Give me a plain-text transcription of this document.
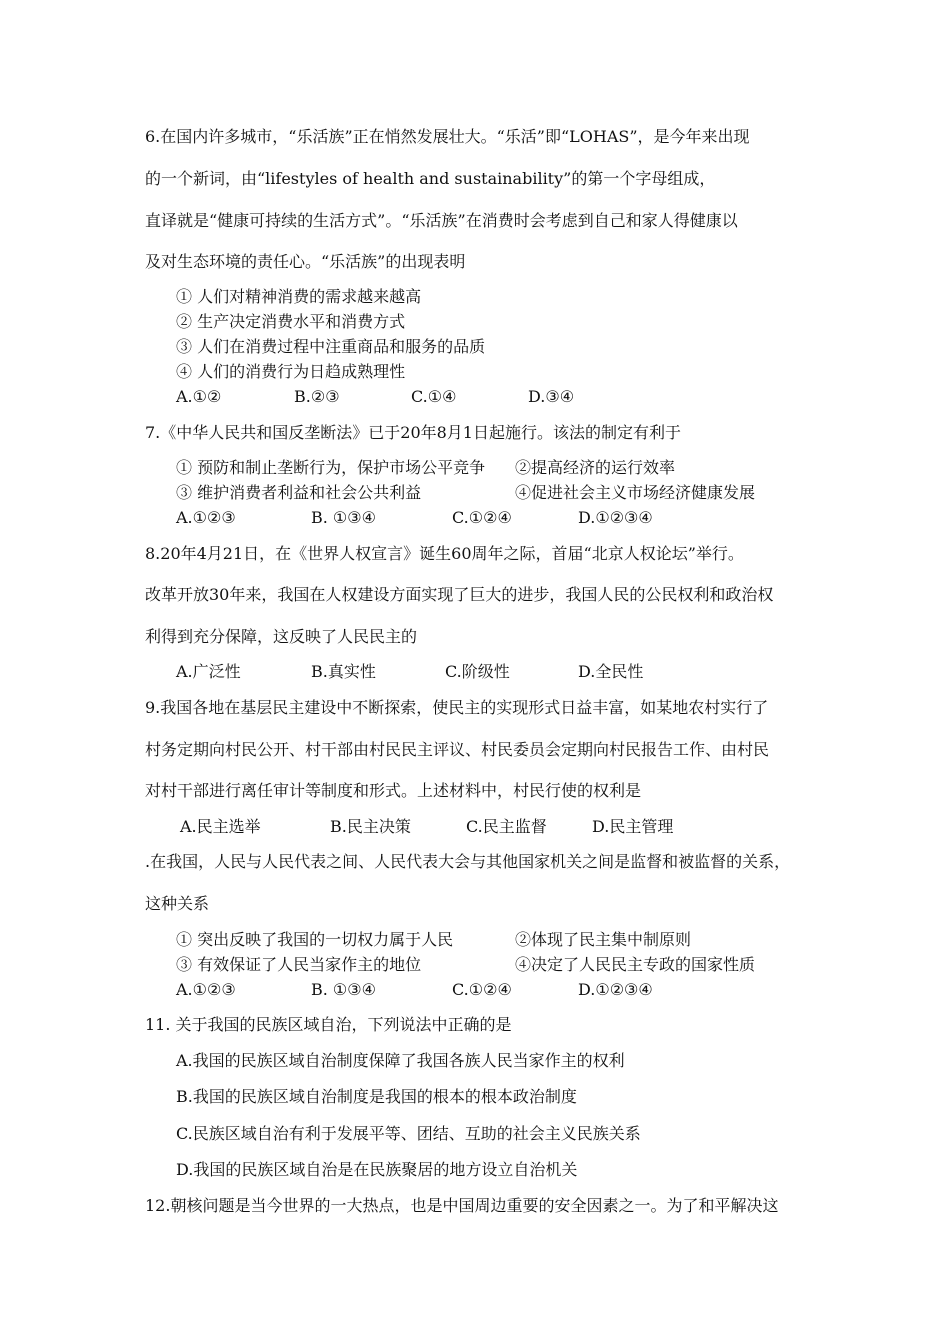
6.在国内许多城市，“乐活族”正在悄然发展壮大。“乐活”即“LOHAS”，是今年来出现
的一个新词，由“lifestyles of health and sustainability”的第一个字母组成，
直译就是“健康可持续的生活方式”。“乐活族”在消费时会考虑到自己和家人得健康以
及对生态环境的责任心。“乐活族”的出现表明
① 人们对精神消费的需求越来越高
② 生产决定消费水平和消费方式
③ 人们在消费过程中注重商品和服务的品质
④ 人们的消费行为日趋成熟理性
A.①②	B.②③	C.①④	D.③④
7.《中华人民共和国反垄断法》已于20年8月1日起施行。该法的制定有利于
① 预防和制止垄断行为，保护市场公平竞争 ②提高经济的运行效率
③ 维护消费者利益和社会公共利益	④促进社会主义市场经济健康发展
A.①②③	B. ①③④	C.①②④	D.①②③④
8.20年4月21日，在《世界人权宣言》诞生60周年之际，首届“北京人权论坛”举行。
改革开放30年来，我国在人权建设方面实现了巨大的进步，我国人民的公民权利和政治权
利得到充分保障，这反映了人民民主的
A.广泛性	B.真实性	C.阶级性	D.全民性
9.我国各地在基层民主建设中不断探索，使民主的实现形式日益丰富，如某地农村实行了
村务定期向村民公开、村干部由村民民主评议、村民委员会定期向村民报告工作、由村民
对村干部进行离任审计等制度和形式。上述材料中，村民行使的权利是
A.民主选举	B.民主决策	C.民主监督	D.民主管理
.在我国，人民与人民代表之间、人民代表大会与其他国家机关之间是监督和被监督的关系，
这种关系
① 突出反映了我国的一切权力属于人民	②体现了民主集中制原则
③ 有效保证了人民当家作主的地位	④决定了人民民主专政的国家性质
A.①②③	B. ①③④	C.①②④	D.①②③④
11. 关于我国的民族区域自治，下列说法中正确的是
A.我国的民族区域自治制度保障了我国各族人民当家作主的权利
B.我国的民族区域自治制度是我国的根本的根本政治制度
C.民族区域自治有利于发展平等、团结、互助的社会主义民族关系
D.我国的民族区域自治是在民族聚居的地方设立自治机关
12.朝核问题是当今世界的一大热点，也是中国周边重要的安全因素之一。为了和平解决这
